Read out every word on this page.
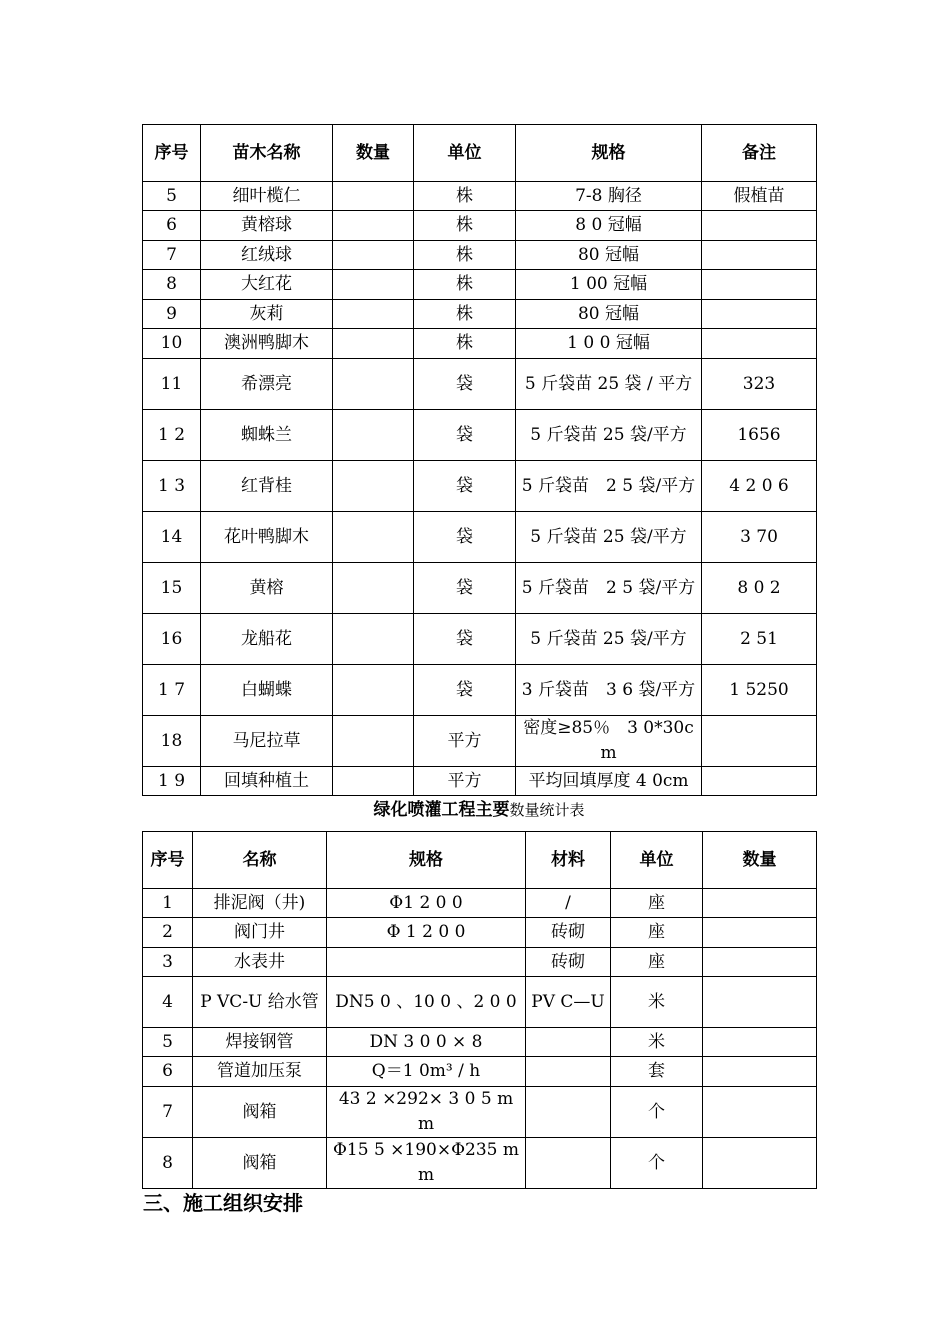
序号	苗木名称	数量	单位	规格	备注
5	细叶榄仁		株	7-8 胸径	假植苗
6	黄榕球		株	8 0 冠幅	
7	红绒球		株	80 冠幅	
8	大红花		株	1 00 冠幅	
9	灰莉		株	80 冠幅	
10	澳洲鸭脚木		株	1 0 0 冠幅	
11	希漂亮		袋	5 斤袋苗 25 袋 / 平方	323
1 2	蜘蛛兰		袋	5 斤袋苗 25 袋/平方	1656
1 3	红背桂		袋	5 斤袋苗　2 5 袋/平方	4 2 0 6
14	花叶鸭脚木		袋	5 斤袋苗 25 袋/平方	3 70
15	黄榕		袋	5 斤袋苗　2 5 袋/平方	8 0 2
16	龙船花		袋	5 斤袋苗 25 袋/平方	2 51
1 7	白蝴蝶		袋	3 斤袋苗　3 6 袋/平方	1 5250
18	马尼拉草		平方	密度≥85％　3 0*30c m	
1 9	回填种植土		平方	平均回填厚度 4 0cm	
绿化喷灌工程主要数量统计表
序号	名称	规格	材料	单位	数量
1	排泥阀（井)	Φ1 2 0 0	/	座	
2	阀门井	Φ 1 2 0 0	砖砌	座	
3	水表井		砖砌	座	
4	P VC-U 给水管	DN5 0 、10 0 、2 0 0	PV C—U	米	
5	焊接钢管	DN 3 0 0 × 8		米	
6	管道加压泵	Q＝1 0m³ / h		套	
7	阀箱	43 2 ×292× 3 0 5 mm		个	
8	阀箱	Φ15 5 ×190×Φ235 m m		个	
三、施工组织安排
